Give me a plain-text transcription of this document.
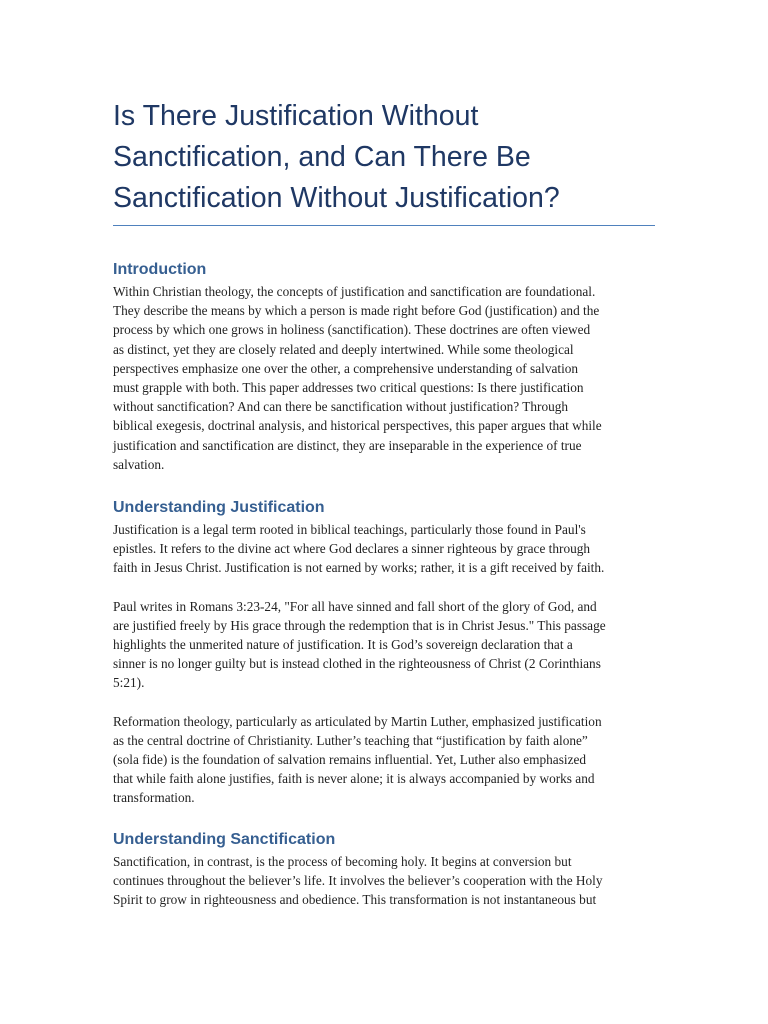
Is There Justification Without
Sanctification, and Can There Be
Sanctification Without Justification?
Introduction

Within Christian theology, the concepts of justification and sanctification are foundational.
They describe the means by which a person is made right before God (justification) and the
process by which one grows in holiness (sanctification). These doctrines are often viewed
as distinct, yet they are closely related and deeply intertwined. While some theological
perspectives emphasize one over the other, a comprehensive understanding of salvation
must grapple with both. This paper addresses two critical questions: Is there justification
without sanctification? And can there be sanctification without justification? Through
biblical exegesis, doctrinal analysis, and historical perspectives, this paper argues that while
justification and sanctification are distinct, they are inseparable in the experience of true
salvation.

Understanding Justification

Justification is a legal term rooted in biblical teachings, particularly those found in Paul's
epistles. It refers to the divine act where God declares a sinner righteous by grace through
faith in Jesus Christ. Justification is not earned by works; rather, it is a gift received by faith.

Paul writes in Romans 3:23-24, "For all have sinned and fall short of the glory of God, and
are justified freely by His grace through the redemption that is in Christ Jesus." This passage
highlights the unmerited nature of justification. It is God’s sovereign declaration that a
sinner is no longer guilty but is instead clothed in the righteousness of Christ (2 Corinthians
5:21).

Reformation theology, particularly as articulated by Martin Luther, emphasized justification
as the central doctrine of Christianity. Luther’s teaching that “justification by faith alone”
(sola fide) is the foundation of salvation remains influential. Yet, Luther also emphasized
that while faith alone justifies, faith is never alone; it is always accompanied by works and
transformation.

Understanding Sanctification

Sanctification, in contrast, is the process of becoming holy. It begins at conversion but
continues throughout the believer’s life. It involves the believer’s cooperation with the Holy
Spirit to grow in righteousness and obedience. This transformation is not instantaneous but
